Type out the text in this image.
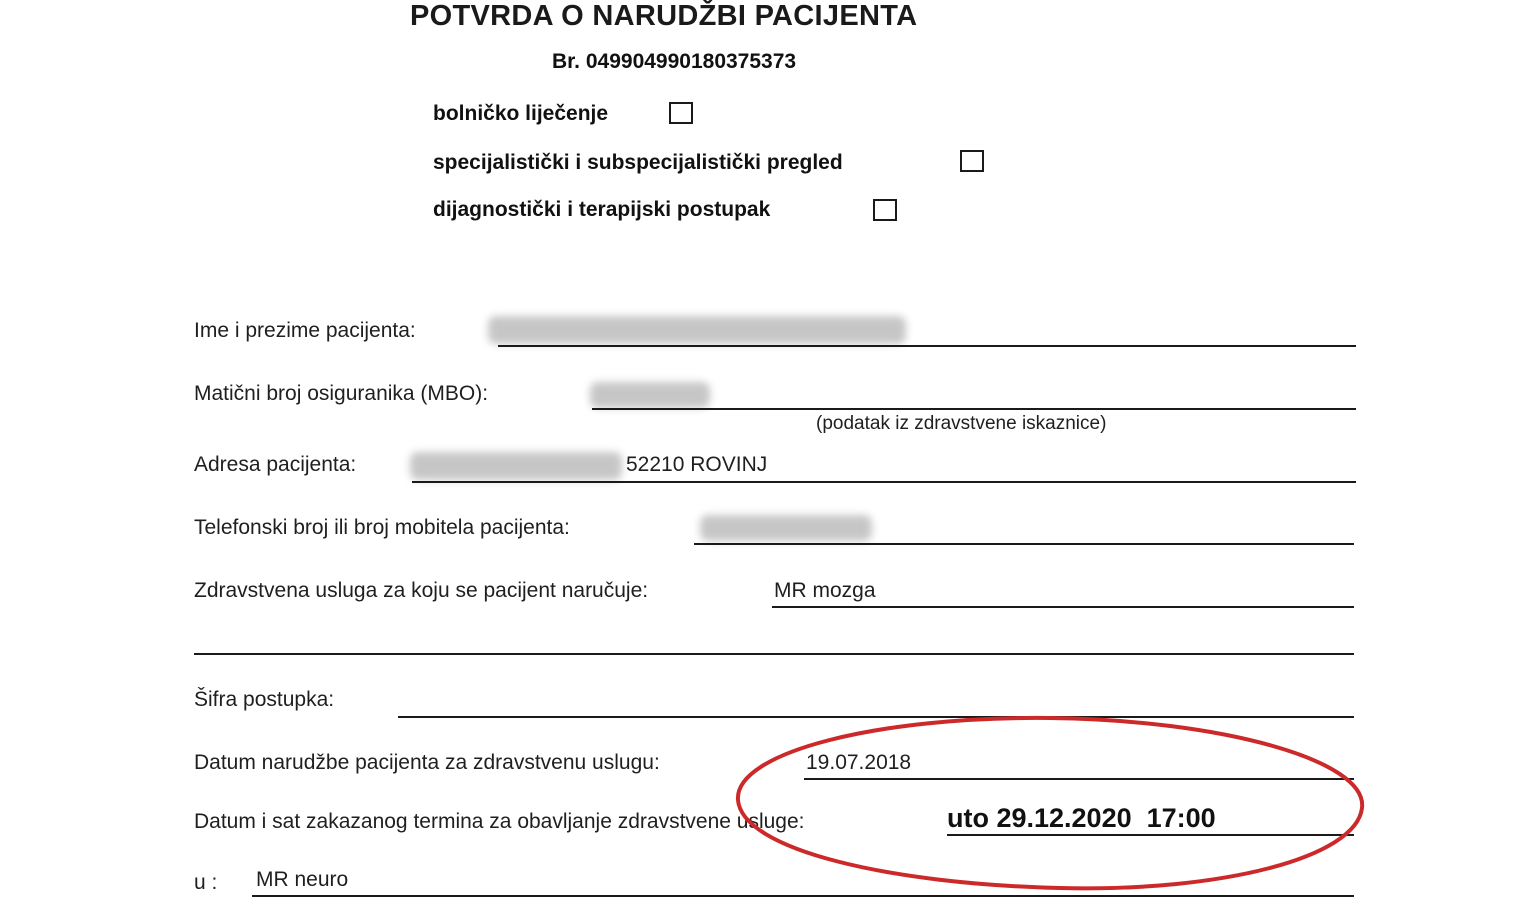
POTVRDA O NARUDŽBI PACIJENTA
Br. 049904990180375373
bolničko liječenje
specijalistički i subspecijalistički pregled
dijagnostički i terapijski postupak
Ime i prezime pacijenta:
Matični broj osiguranika (MBO):
(podatak iz zdravstvene iskaznice)
Adresa pacijenta:	52210 ROVINJ
Telefonski broj ili broj mobitela pacijenta:
Zdravstvena usluga za koju se pacijent naručuje:	MR mozga
Šifra postupka:
Datum narudžbe pacijenta za zdravstvenu uslugu:	19.07.2018
Datum i sat zakazanog termina za obavljanje zdravstvene usluge:	uto 29.12.2020  17:00
u : MR neuro
